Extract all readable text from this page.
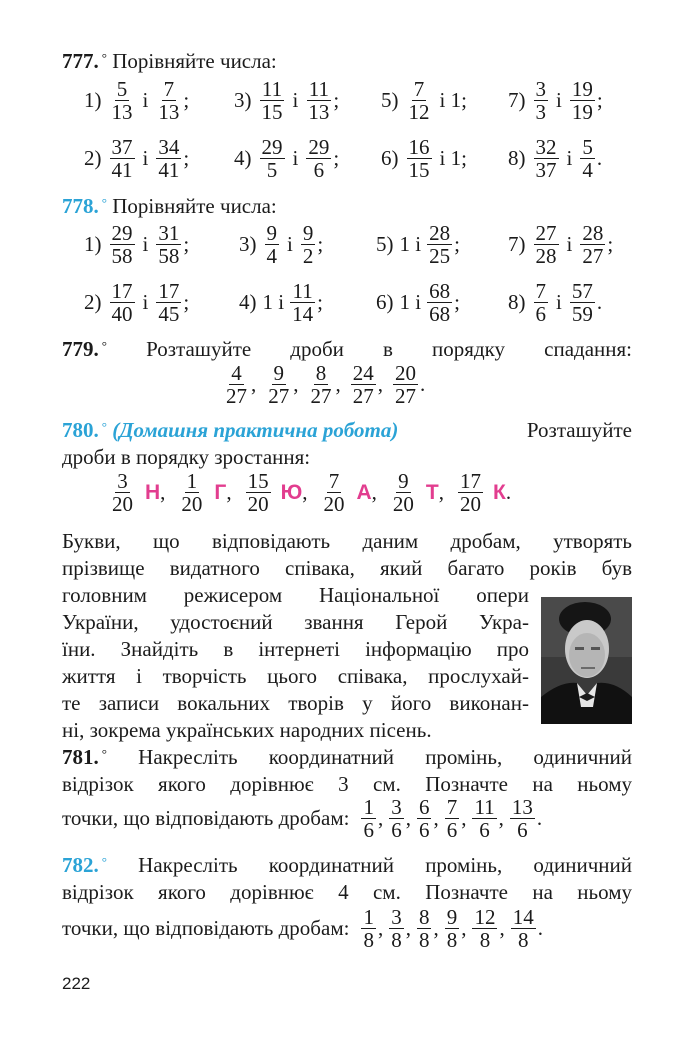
777. ° Порівняйте числа:
$1) \frac{5}{13}$ і $\frac{7}{13}$ ; $3) \frac{11}{15}$ і $\frac{11}{13}$ ; $5) \frac{7}{12}$ і 1; $7) \frac{3}{3}$ і $\frac{19}{19}$ ;
$2) \frac{37}{41}$ і $\frac{34}{41}$ ; $4) \frac{29}{5}$ і $\frac{29}{6}$ ; $6) \frac{16}{15}$ і 1; $8) \frac{32}{37}$ і $\frac{5}{4}$ .
778. ° Порівняйте числа:
$1) \frac{29}{58}$ і $\frac{31}{58}$ ; $3) \frac{9}{4}$ і $\frac{9}{2}$ ;	5) 1 і $\frac{28}{25}$ ; $7) \frac{27}{28}$ і $\frac{28}{27}$ ;
$2) \frac{17}{40}$ і $\frac{17}{45}$ ; 4) 1 і $\frac{11}{14}$ ;	6) 1 і $\frac{68}{68}$ ; $8) \frac{7}{6}$ і $\frac{57}{59}$ .
779. ° Розташуйте дроби в порядку спадання:
$\frac{4}{27}$ , $\frac{9}{27}$ , $\frac{8}{27}$ , $\frac{24}{27}$ , $\frac{20}{27}$ .
780. ° (Домашня практична робота)	Розташуйте
дроби в порядку зростання:
$\frac{3}{20}$ Н , $\frac{1}{20}$ Г , $\frac{15}{20}$ Ю , $\frac{7}{20}$ А , $\frac{9}{20}$ Т , $\frac{17}{20}$ К .
Букви, що відповідають даним дробам, утворять
прізвище видатного співака, який багато років був
головним режисером Національної опери
України, удостоєний звання Герой Укра-
їни. Знайдіть в інтернеті інформацію про
життя і творчість цього співака, прослухай-
те записи вокальних творів у його виконан-
ні, зокрема українських народних пісень.
781. ° Накресліть координатний промінь, одиничний
відрізок якого дорівнює 3 см. Позначте на ньому
точки, що відповідають дробам: $\frac{1}{6}$ , $\frac{3}{6}$ , $\frac{6}{6}$ , $\frac{7}{6}$ , $\frac{11}{6}$ , $\frac{13}{6}$ .
782. ° Накресліть координатний промінь, одиничний
відрізок якого дорівнює 4 см. Позначте на ньому
точки, що відповідають дробам: $\frac{1}{8}$ , $\frac{3}{8}$ , $\frac{8}{8}$ , $\frac{9}{8}$ , $\frac{12}{8}$ , $\frac{14}{8}$ .
222
